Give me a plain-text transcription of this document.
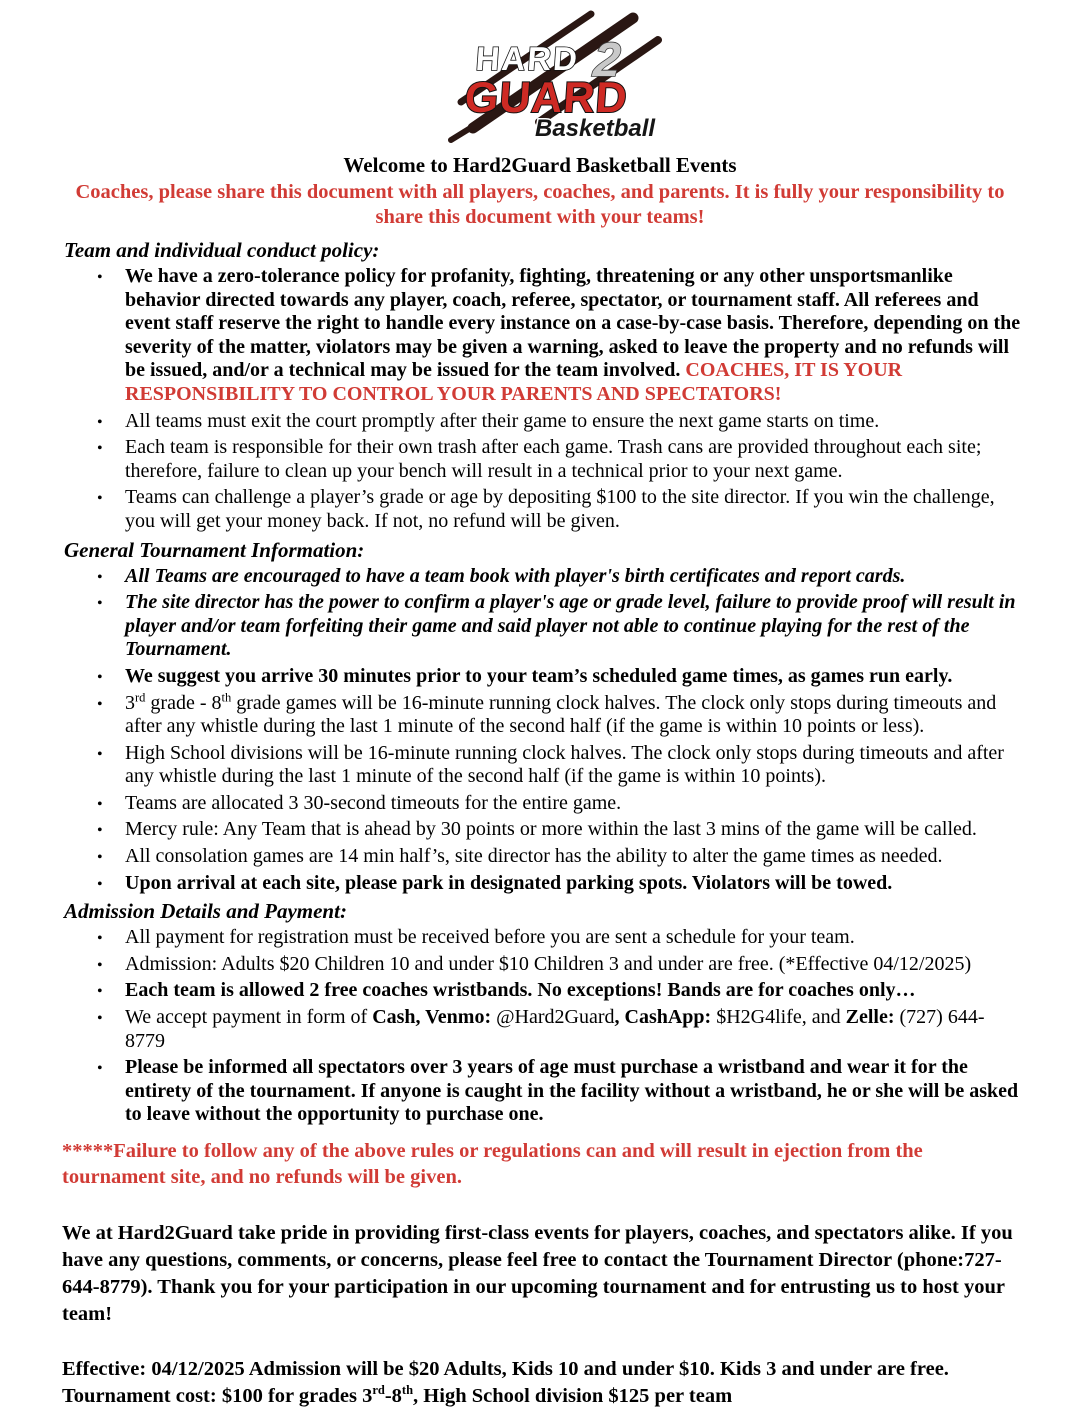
HARD 2
GUARD
Basketball
Welcome to Hard2Guard Basketball Events
Coaches, please share this document with all players, coaches, and parents. It is fully your responsibility to share this document with your teams!
Team and individual conduct policy:
• We have a zero-tolerance policy for profanity, fighting, threatening or any other unsportsmanlike behavior directed towards any player, coach, referee, spectator, or tournament staff. All referees and event staff reserve the right to handle every instance on a case-by-case basis. Therefore, depending on the severity of the matter, violators may be given a warning, asked to leave the property and no refunds will be issued, and/or a technical may be issued for the team involved. COACHES, IT IS YOUR RESPONSIBILITY TO CONTROL YOUR PARENTS AND SPECTATORS!
• All teams must exit the court promptly after their game to ensure the next game starts on time.
• Each team is responsible for their own trash after each game. Trash cans are provided throughout each site; therefore, failure to clean up your bench will result in a technical prior to your next game.
• Teams can challenge a player’s grade or age by depositing $100 to the site director. If you win the challenge, you will get your money back. If not, no refund will be given.
General Tournament Information:
• All Teams are encouraged to have a team book with player's birth certificates and report cards.
• The site director has the power to confirm a player's age or grade level, failure to provide proof will result in player and/or team forfeiting their game and said player not able to continue playing for the rest of the Tournament.
• We suggest you arrive 30 minutes prior to your team’s scheduled game times, as games run early.
• 3rd grade - 8th grade games will be 16-minute running clock halves. The clock only stops during timeouts and after any whistle during the last 1 minute of the second half (if the game is within 10 points or less).
• High School divisions will be 16-minute running clock halves. The clock only stops during timeouts and after any whistle during the last 1 minute of the second half (if the game is within 10 points).
• Teams are allocated 3 30-second timeouts for the entire game.
• Mercy rule: Any Team that is ahead by 30 points or more within the last 3 mins of the game will be called.
• All consolation games are 14 min half’s, site director has the ability to alter the game times as needed.
• Upon arrival at each site, please park in designated parking spots. Violators will be towed.
Admission Details and Payment:
• All payment for registration must be received before you are sent a schedule for your team.
• Admission: Adults $20 Children 10 and under $10 Children 3 and under are free. (*Effective 04/12/2025)
• Each team is allowed 2 free coaches wristbands. No exceptions! Bands are for coaches only…
• We accept payment in form of Cash, Venmo: @Hard2Guard, CashApp: $H2G4life, and Zelle: (727) 644-8779
• Please be informed all spectators over 3 years of age must purchase a wristband and wear it for the entirety of the tournament. If anyone is caught in the facility without a wristband, he or she will be asked to leave without the opportunity to purchase one.

*****Failure to follow any of the above rules or regulations can and will result in ejection from the tournament site, and no refunds will be given.

We at Hard2Guard take pride in providing first-class events for players, coaches, and spectators alike. If you have any questions, comments, or concerns, please feel free to contact the Tournament Director (phone:727-644-8779). Thank you for your participation in our upcoming tournament and for entrusting us to host your team!

Effective: 04/12/2025 Admission will be $20 Adults, Kids 10 and under $10. Kids 3 and under are free.

Tournament cost: $100 for grades 3rd-8th, High School division $125 per team
